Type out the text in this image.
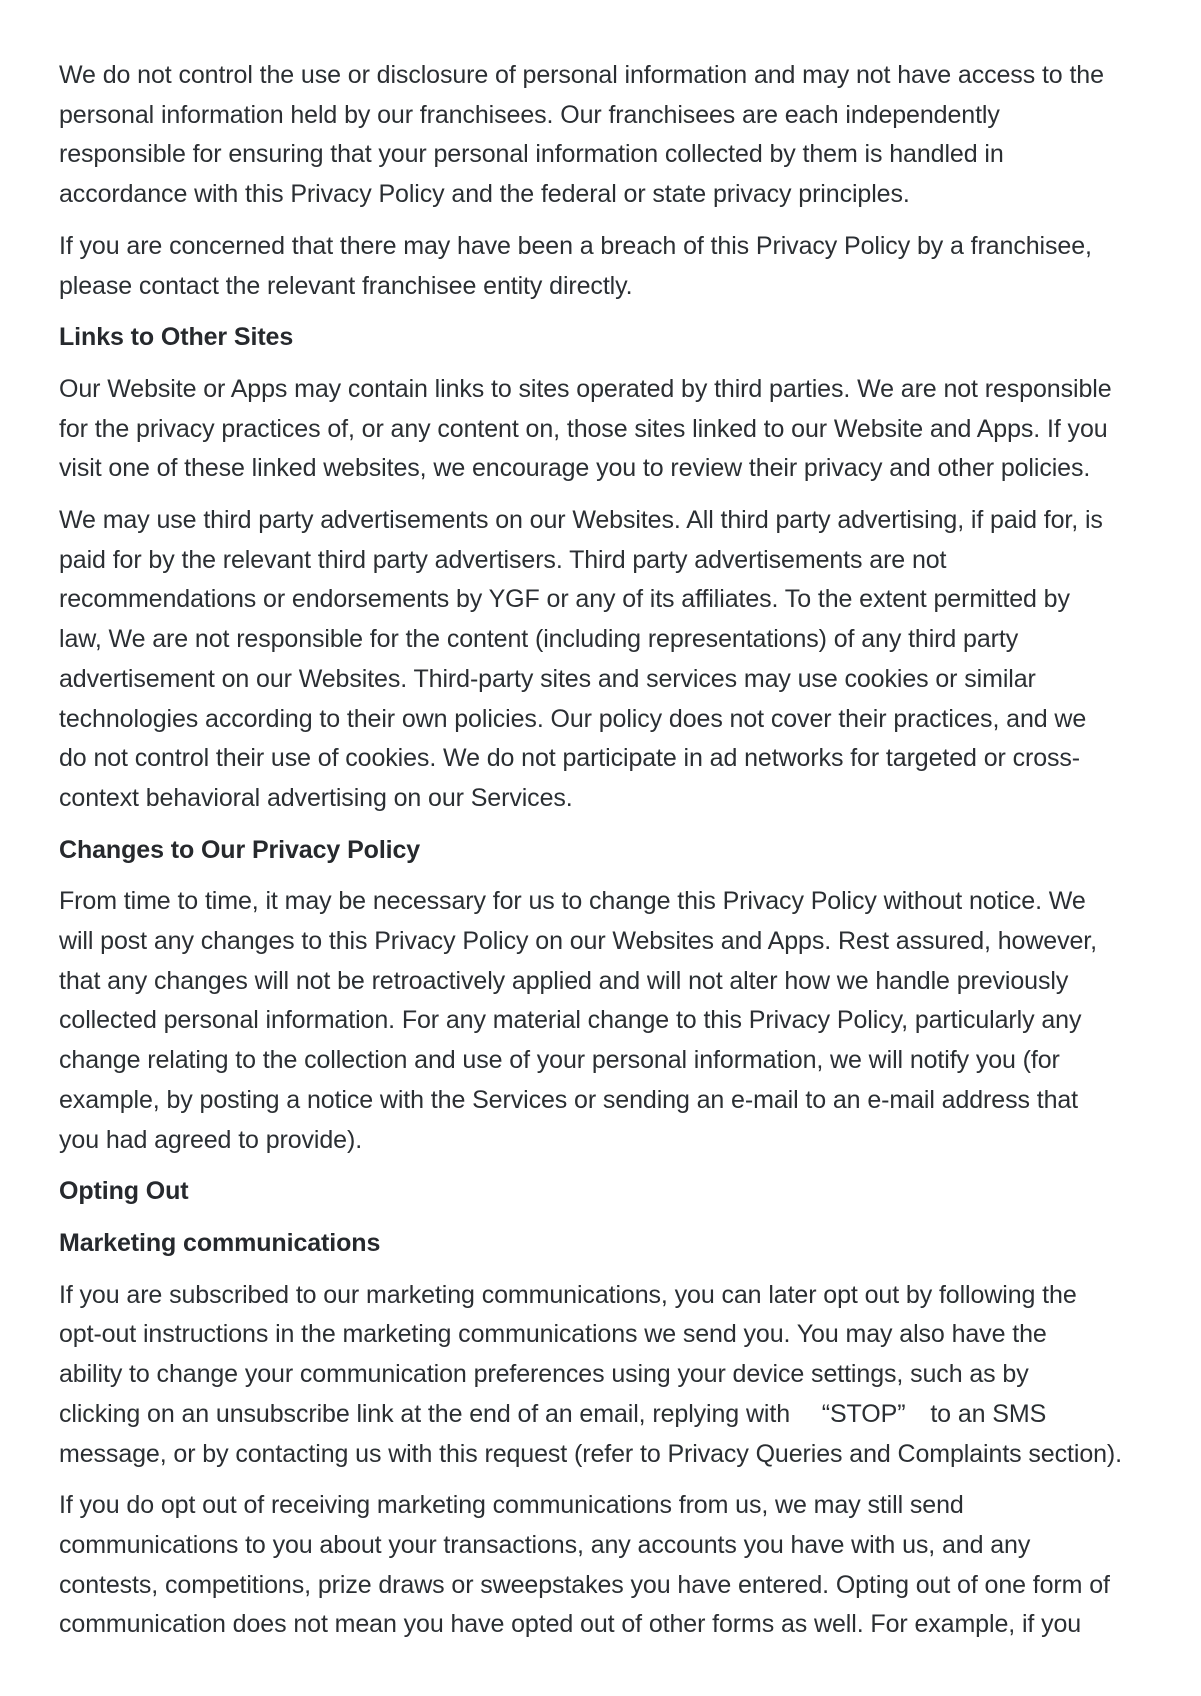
We do not control the use or disclosure of personal information and may not have access to the
personal information held by our franchisees. Our franchisees are each independently
responsible for ensuring that your personal information collected by them is handled in
accordance with this Privacy Policy and the federal or state privacy principles.
If you are concerned that there may have been a breach of this Privacy Policy by a franchisee,
please contact the relevant franchisee entity directly.
Links to Other Sites
Our Website or Apps may contain links to sites operated by third parties. We are not responsible
for the privacy practices of, or any content on, those sites linked to our Website and Apps. If you
visit one of these linked websites, we encourage you to review their privacy and other policies.
We may use third party advertisements on our Websites. All third party advertising, if paid for, is
paid for by the relevant third party advertisers. Third party advertisements are not
recommendations or endorsements by YGF or any of its affiliates. To the extent permitted by
law, We are not responsible for the content (including representations) of any third party
advertisement on our Websites. Third-party sites and services may use cookies or similar
technologies according to their own policies. Our policy does not cover their practices, and we
do not control their use of cookies. We do not participate in ad networks for targeted or cross-
context behavioral advertising on our Services.
Changes to Our Privacy Policy
From time to time, it may be necessary for us to change this Privacy Policy without notice. We
will post any changes to this Privacy Policy on our Websites and Apps. Rest assured, however,
that any changes will not be retroactively applied and will not alter how we handle previously
collected personal information. For any material change to this Privacy Policy, particularly any
change relating to the collection and use of your personal information, we will notify you (for
example, by posting a notice with the Services or sending an e-mail to an e-mail address that
you had agreed to provide).
Opting Out
Marketing communications
If you are subscribed to our marketing communications, you can later opt out by following the
opt-out instructions in the marketing communications we send you. You may also have the
ability to change your communication preferences using your device settings, such as by
clicking on an unsubscribe link at the end of an email, replying with 　“STOP”　to an SMS
message, or by contacting us with this request (refer to Privacy Queries and Complaints section).
If you do opt out of receiving marketing communications from us, we may still send
communications to you about your transactions, any accounts you have with us, and any
contests, competitions, prize draws or sweepstakes you have entered. Opting out of one form of
communication does not mean you have opted out of other forms as well. For example, if you
